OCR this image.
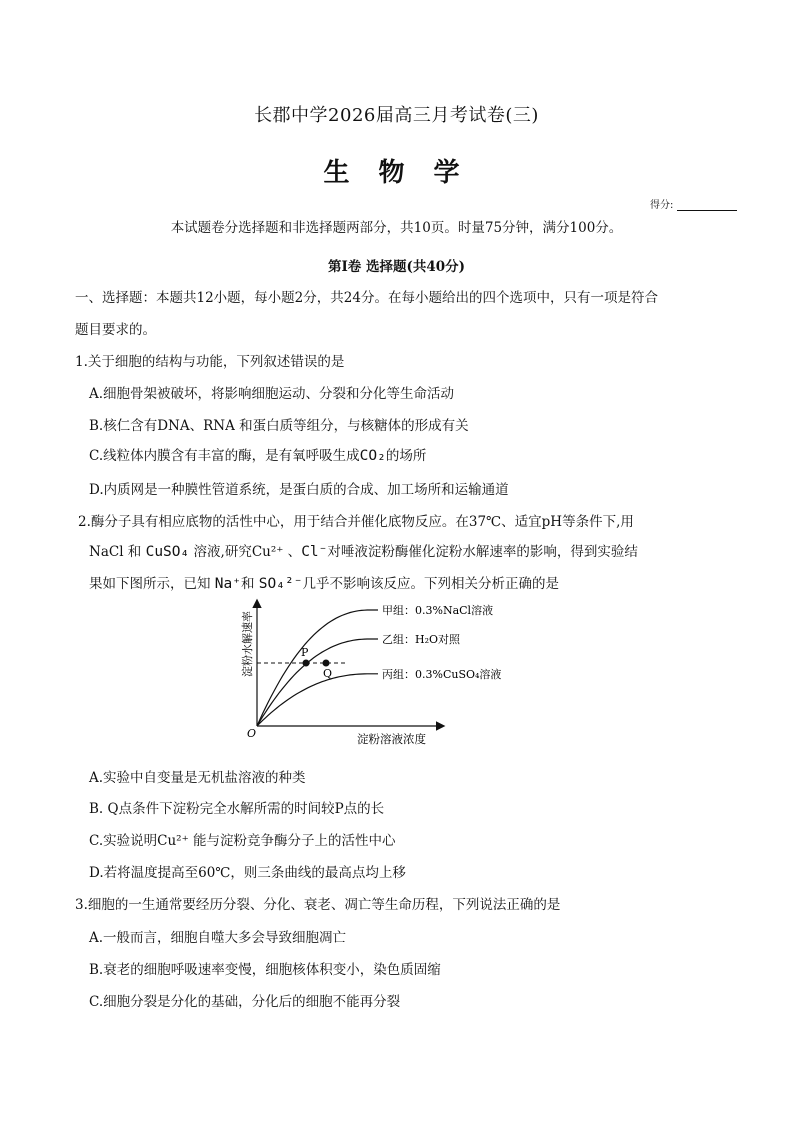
长郡中学2026届高三月考试卷(三)
生 物 学
得分:
本试题卷分选择题和非选择题两部分，共10页。时量75分钟，满分100分。
第Ⅰ卷 选择题(共40分)
一、选择题：本题共12小题，每小题2分，共24分。在每小题给出的四个选项中，只有一项是符合
题目要求的。
1.关于细胞的结构与功能，下列叙述错误的是
A.细胞骨架被破坏，将影响细胞运动、分裂和分化等生命活动
B.核仁含有DNA、RNA 和蛋白质等组分，与核糖体的形成有关
C.线粒体内膜含有丰富的酶，是有氧呼吸生成CO₂的场所
D.内质网是一种膜性管道系统，是蛋白质的合成、加工场所和运输通道
2.酶分子具有相应底物的活性中心，用于结合并催化底物反应。在37℃、适宜pH等条件下,用
NaCl 和 CuSO₄ 溶液,研究Cu²⁺ 、Cl⁻对唾液淀粉酶催化淀粉水解速率的影响，得到实验结
果如下图所示，已知 Na⁺和 SO₄²⁻几乎不影响该反应。下列相关分析正确的是
淀粉水解速率
淀粉溶液浓度
O
甲组：0.3%NaCl溶液
乙组：H₂O对照
丙组：0.3%CuSO₄溶液
P
Q
A.实验中自变量是无机盐溶液的种类
B. Q点条件下淀粉完全水解所需的时间较P点的长
C.实验说明Cu²⁺ 能与淀粉竞争酶分子上的活性中心
D.若将温度提高至60℃，则三条曲线的最高点均上移
3.细胞的一生通常要经历分裂、分化、衰老、凋亡等生命历程，下列说法正确的是
A.一般而言，细胞自噬大多会导致细胞凋亡
B.衰老的细胞呼吸速率变慢，细胞核体积变小，染色质固缩
C.细胞分裂是分化的基础，分化后的细胞不能再分裂
